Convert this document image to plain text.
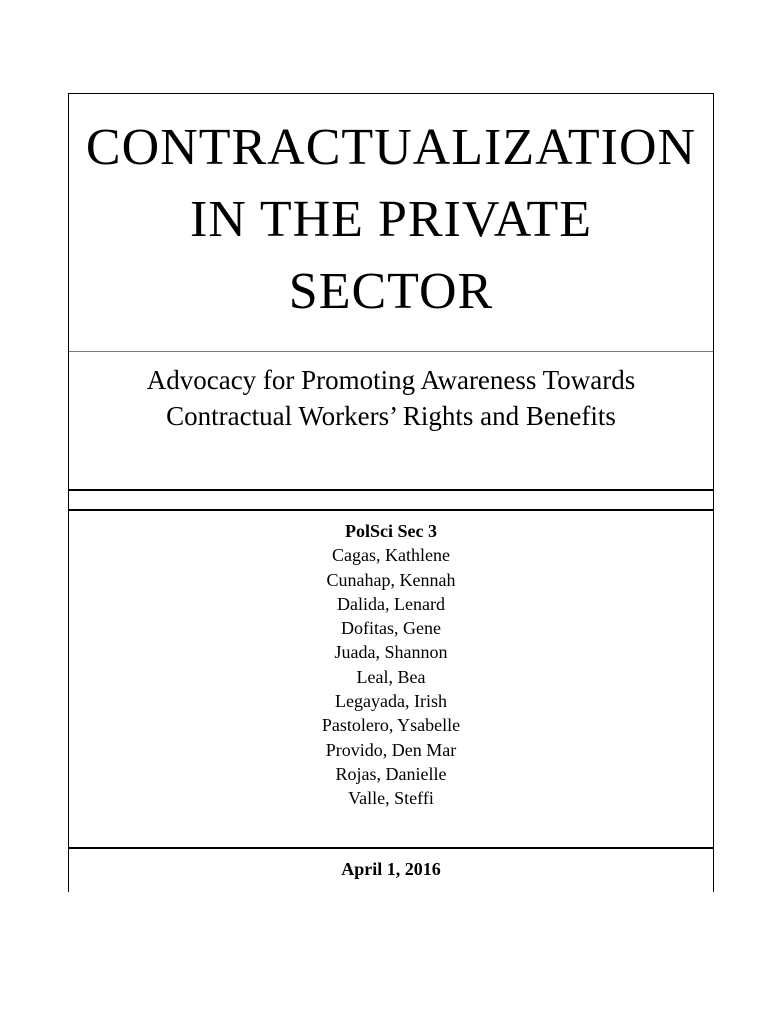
CONTRACTUALIZATION
IN THE PRIVATE
SECTOR
Advocacy for Promoting Awareness Towards
Contractual Workers’ Rights and Benefits
PolSci Sec 3
Cagas, Kathlene
Cunahap, Kennah
Dalida, Lenard
Dofitas, Gene
Juada, Shannon
Leal, Bea
Legayada, Irish
Pastolero, Ysabelle
Provido, Den Mar
Rojas, Danielle
Valle, Steffi
April 1, 2016
